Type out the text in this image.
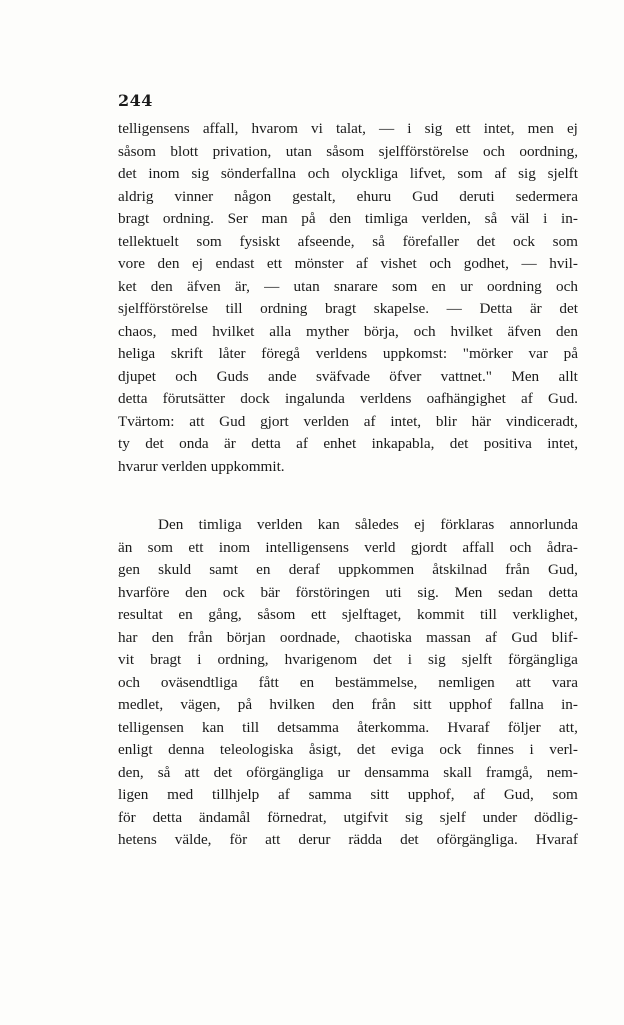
244
telligensens affall, hvarom vi talat, — i sig ett intet, men ej
såsom blott privation, utan såsom sjelfförstörelse och oordning,
det inom sig sönderfallna och olyckliga lifvet, som af sig sjelft
aldrig vinner någon gestalt, ehuru Gud deruti sedermera
bragt ordning. Ser man på den timliga verlden, så väl i in-
tellektuelt som fysiskt afseende, så förefaller det ock som
vore den ej endast ett mönster af vishet och godhet, — hvil-
ket den äfven är, — utan snarare som en ur oordning och
sjelfförstörelse till ordning bragt skapelse. — Detta är det
chaos, med hvilket alla myther börja, och hvilket äfven den
heliga skrift låter föregå verldens uppkomst: "mörker var på
djupet och Guds ande sväfvade öfver vattnet." Men allt
detta förutsätter dock ingalunda verldens oafhängighet af Gud.
Tvärtom: att Gud gjort verlden af intet, blir här vindiceradt,
ty det onda är detta af enhet inkapabla, det positiva intet,
hvarur verlden uppkommit.
Den timliga verlden kan således ej förklaras annorlunda
än som ett inom intelligensens verld gjordt affall och ådra-
gen skuld samt en deraf uppkommen åtskilnad från Gud,
hvarföre den ock bär förstöringen uti sig. Men sedan detta
resultat en gång, såsom ett sjelftaget, kommit till verklighet,
har den från början oordnade, chaotiska massan af Gud blif-
vit bragt i ordning, hvarigenom det i sig sjelft förgängliga
och oväsendtliga fått en bestämmelse, nemligen att vara
medlet, vägen, på hvilken den från sitt upphof fallna in-
telligensen kan till detsamma återkomma. Hvaraf följer att,
enligt denna teleologiska åsigt, det eviga ock finnes i verl-
den, så att det oförgängliga ur densamma skall framgå, nem-
ligen med tillhjelp af samma sitt upphof, af Gud, som
för detta ändamål förnedrat, utgifvit sig sjelf under dödlig-
hetens välde, för att derur rädda det oförgängliga. Hvaraf
